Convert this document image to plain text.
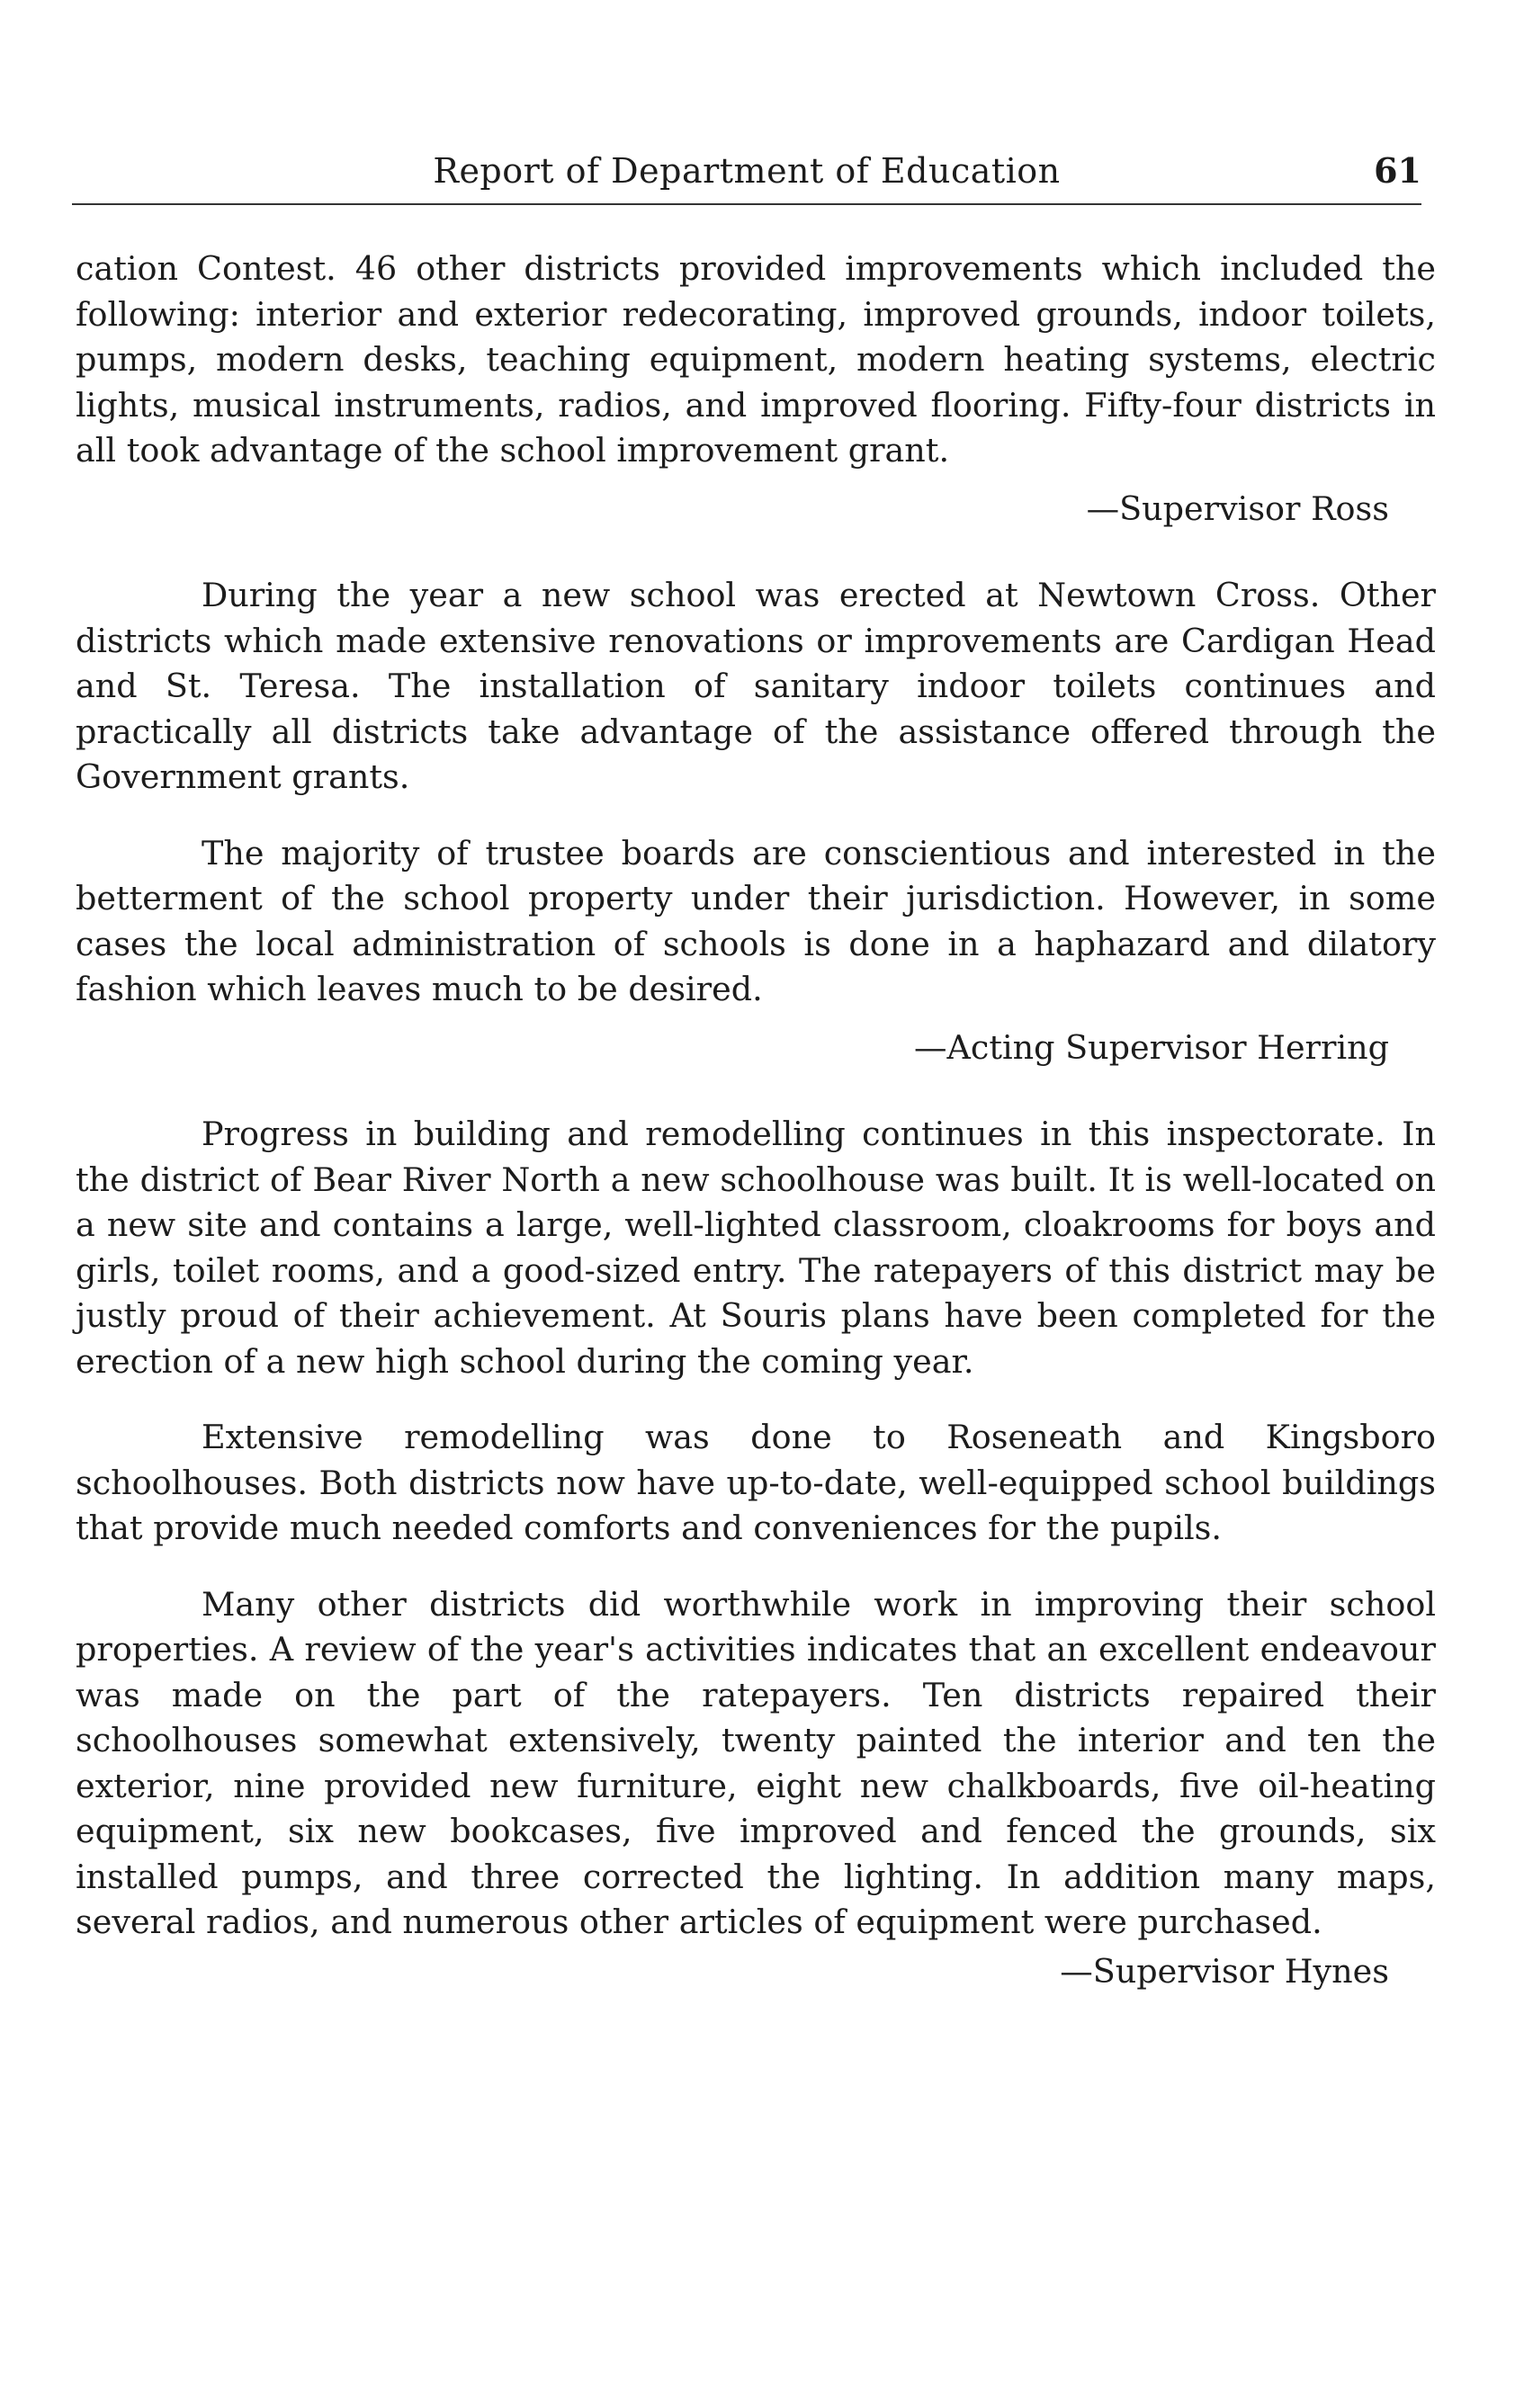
Report of Department of Education	61

cation Contest. 46 other districts provided improvements which included the following: interior and exterior redecorating, improved grounds, indoor toilets, pumps, modern desks, teaching equipment, modern heating systems, electric lights, musical instruments, radios, and improved flooring. Fifty-four districts in all took advantage of the school improvement grant.

—Supervisor Ross

During the year a new school was erected at Newtown Cross. Other districts which made extensive renovations or improvements are Cardigan Head and St. Teresa. The installation of sanitary indoor toilets continues and practically all districts take advantage of the assistance offered through the Government grants.

The majority of trustee boards are conscientious and interested in the betterment of the school property under their jurisdiction. However, in some cases the local administration of schools is done in a haphazard and dilatory fashion which leaves much to be desired.

—Acting Supervisor Herring

Progress in building and remodelling continues in this inspectorate. In the district of Bear River North a new schoolhouse was built. It is well-located on a new site and contains a large, well-lighted classroom, cloakrooms for boys and girls, toilet rooms, and a good-sized entry. The ratepayers of this district may be justly proud of their achievement. At Souris plans have been completed for the erection of a new high school during the coming year.

Extensive remodelling was done to Roseneath and Kingsboro schoolhouses. Both districts now have up-to-date, well-equipped school buildings that provide much needed comforts and conveniences for the pupils.

Many other districts did worthwhile work in improving their school properties. A review of the year's activities indicates that an excellent endeavour was made on the part of the ratepayers. Ten districts repaired their schoolhouses somewhat extensively, twenty painted the interior and ten the exterior, nine provided new furniture, eight new chalkboards, five oil-heating equipment, six new bookcases, five improved and fenced the grounds, six installed pumps, and three corrected the lighting. In addition many maps, several radios, and numerous other articles of equipment were purchased.

—Supervisor Hynes
